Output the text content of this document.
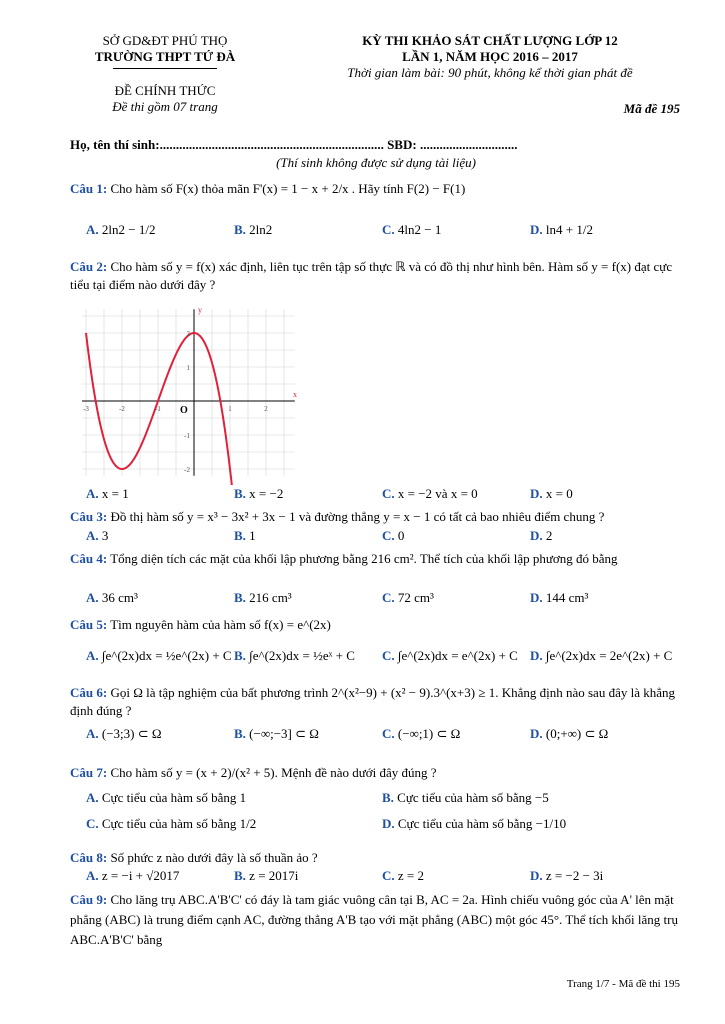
SỞ GD&ĐT PHÚ THỌ
TRƯỜNG THPT TỨ ĐÀ
ĐỀ CHÍNH THỨC
Đề thi gồm 07 trang
KỲ THI KHẢO SÁT CHẤT LƯỢNG LỚP 12
LẦN 1, NĂM HỌC 2016 – 2017
Thời gian làm bài: 90 phút, không kể thời gian phát đề
Mã đề 195
Họ, tên thí sinh:..................................................................... SBD: ..............................
(Thí sinh không được sử dụng tài liệu)
Câu 1: Cho hàm số F(x) thỏa mãn F'(x) = 1 − x + 2/x . Hãy tính F(2) − F(1)
A. 2ln2 − 1/2	B. 2ln2	C. 4ln2 − 1	D. ln4 + 1/2
Câu 2: Cho hàm số y = f(x) xác định, liên tục trên tập số thực ℝ và có đồ thị như hình bên. Hàm số y = f(x) đạt cực tiểu tại điểm nào dưới đây ?
-3	-2	-1	1	2
2
1
-1
-2
O
x
y
A. x = 1	B. x = −2	C. x = −2 và x = 0	D. x = 0
Câu 3: Đồ thị hàm số y = x³ − 3x² + 3x − 1 và đường thẳng y = x − 1 có tất cả bao nhiêu điểm chung ?
A. 3	B. 1	C. 0	D. 2
Câu 4: Tổng diện tích các mặt của khối lập phương bằng 216 cm². Thể tích của khối lập phương đó bằng
A. 36 cm³	B. 216 cm³	C. 72 cm³	D. 144 cm³
Câu 5: Tìm nguyên hàm của hàm số f(x) = e^(2x)
A. ∫e^(2x)dx = ½e^(2x) + C B. ∫e^(2x)dx = ½eˣ + C C. ∫e^(2x)dx = e^(2x) + C D. ∫e^(2x)dx = 2e^(2x) + C
Câu 6: Gọi Ω là tập nghiệm của bất phương trình 2^(x²−9) + (x² − 9).3^(x+3) ≥ 1. Khẳng định nào sau đây là khẳng định đúng ?
A. (−3;3) ⊂ Ω	B. (−∞;−3] ⊂ Ω	C. (−∞;1) ⊂ Ω	D. (0;+∞) ⊂ Ω
Câu 7: Cho hàm số y = (x + 2)/(x² + 5). Mệnh đề nào dưới đây đúng ?
A. Cực tiểu của hàm số bằng 1	B. Cực tiểu của hàm số bằng −5
C. Cực tiểu của hàm số bằng 1/2	D. Cực tiểu của hàm số bằng −1/10
Câu 8: Số phức z nào dưới đây là số thuần ảo ?
A. z = −i + √2017	B. z = 2017i	C. z = 2	D. z = −2 − 3i
Câu 9: Cho lăng trụ ABC.A'B'C' có đáy là tam giác vuông cân tại B, AC = 2a. Hình chiếu vuông góc của A' lên mặt phẳng (ABC) là trung điểm cạnh AC, đường thẳng A'B tạo với mặt phẳng (ABC) một góc 45°. Thể tích khối lăng trụ ABC.A'B'C' bằng
Trang 1/7 - Mã đề thi 195
